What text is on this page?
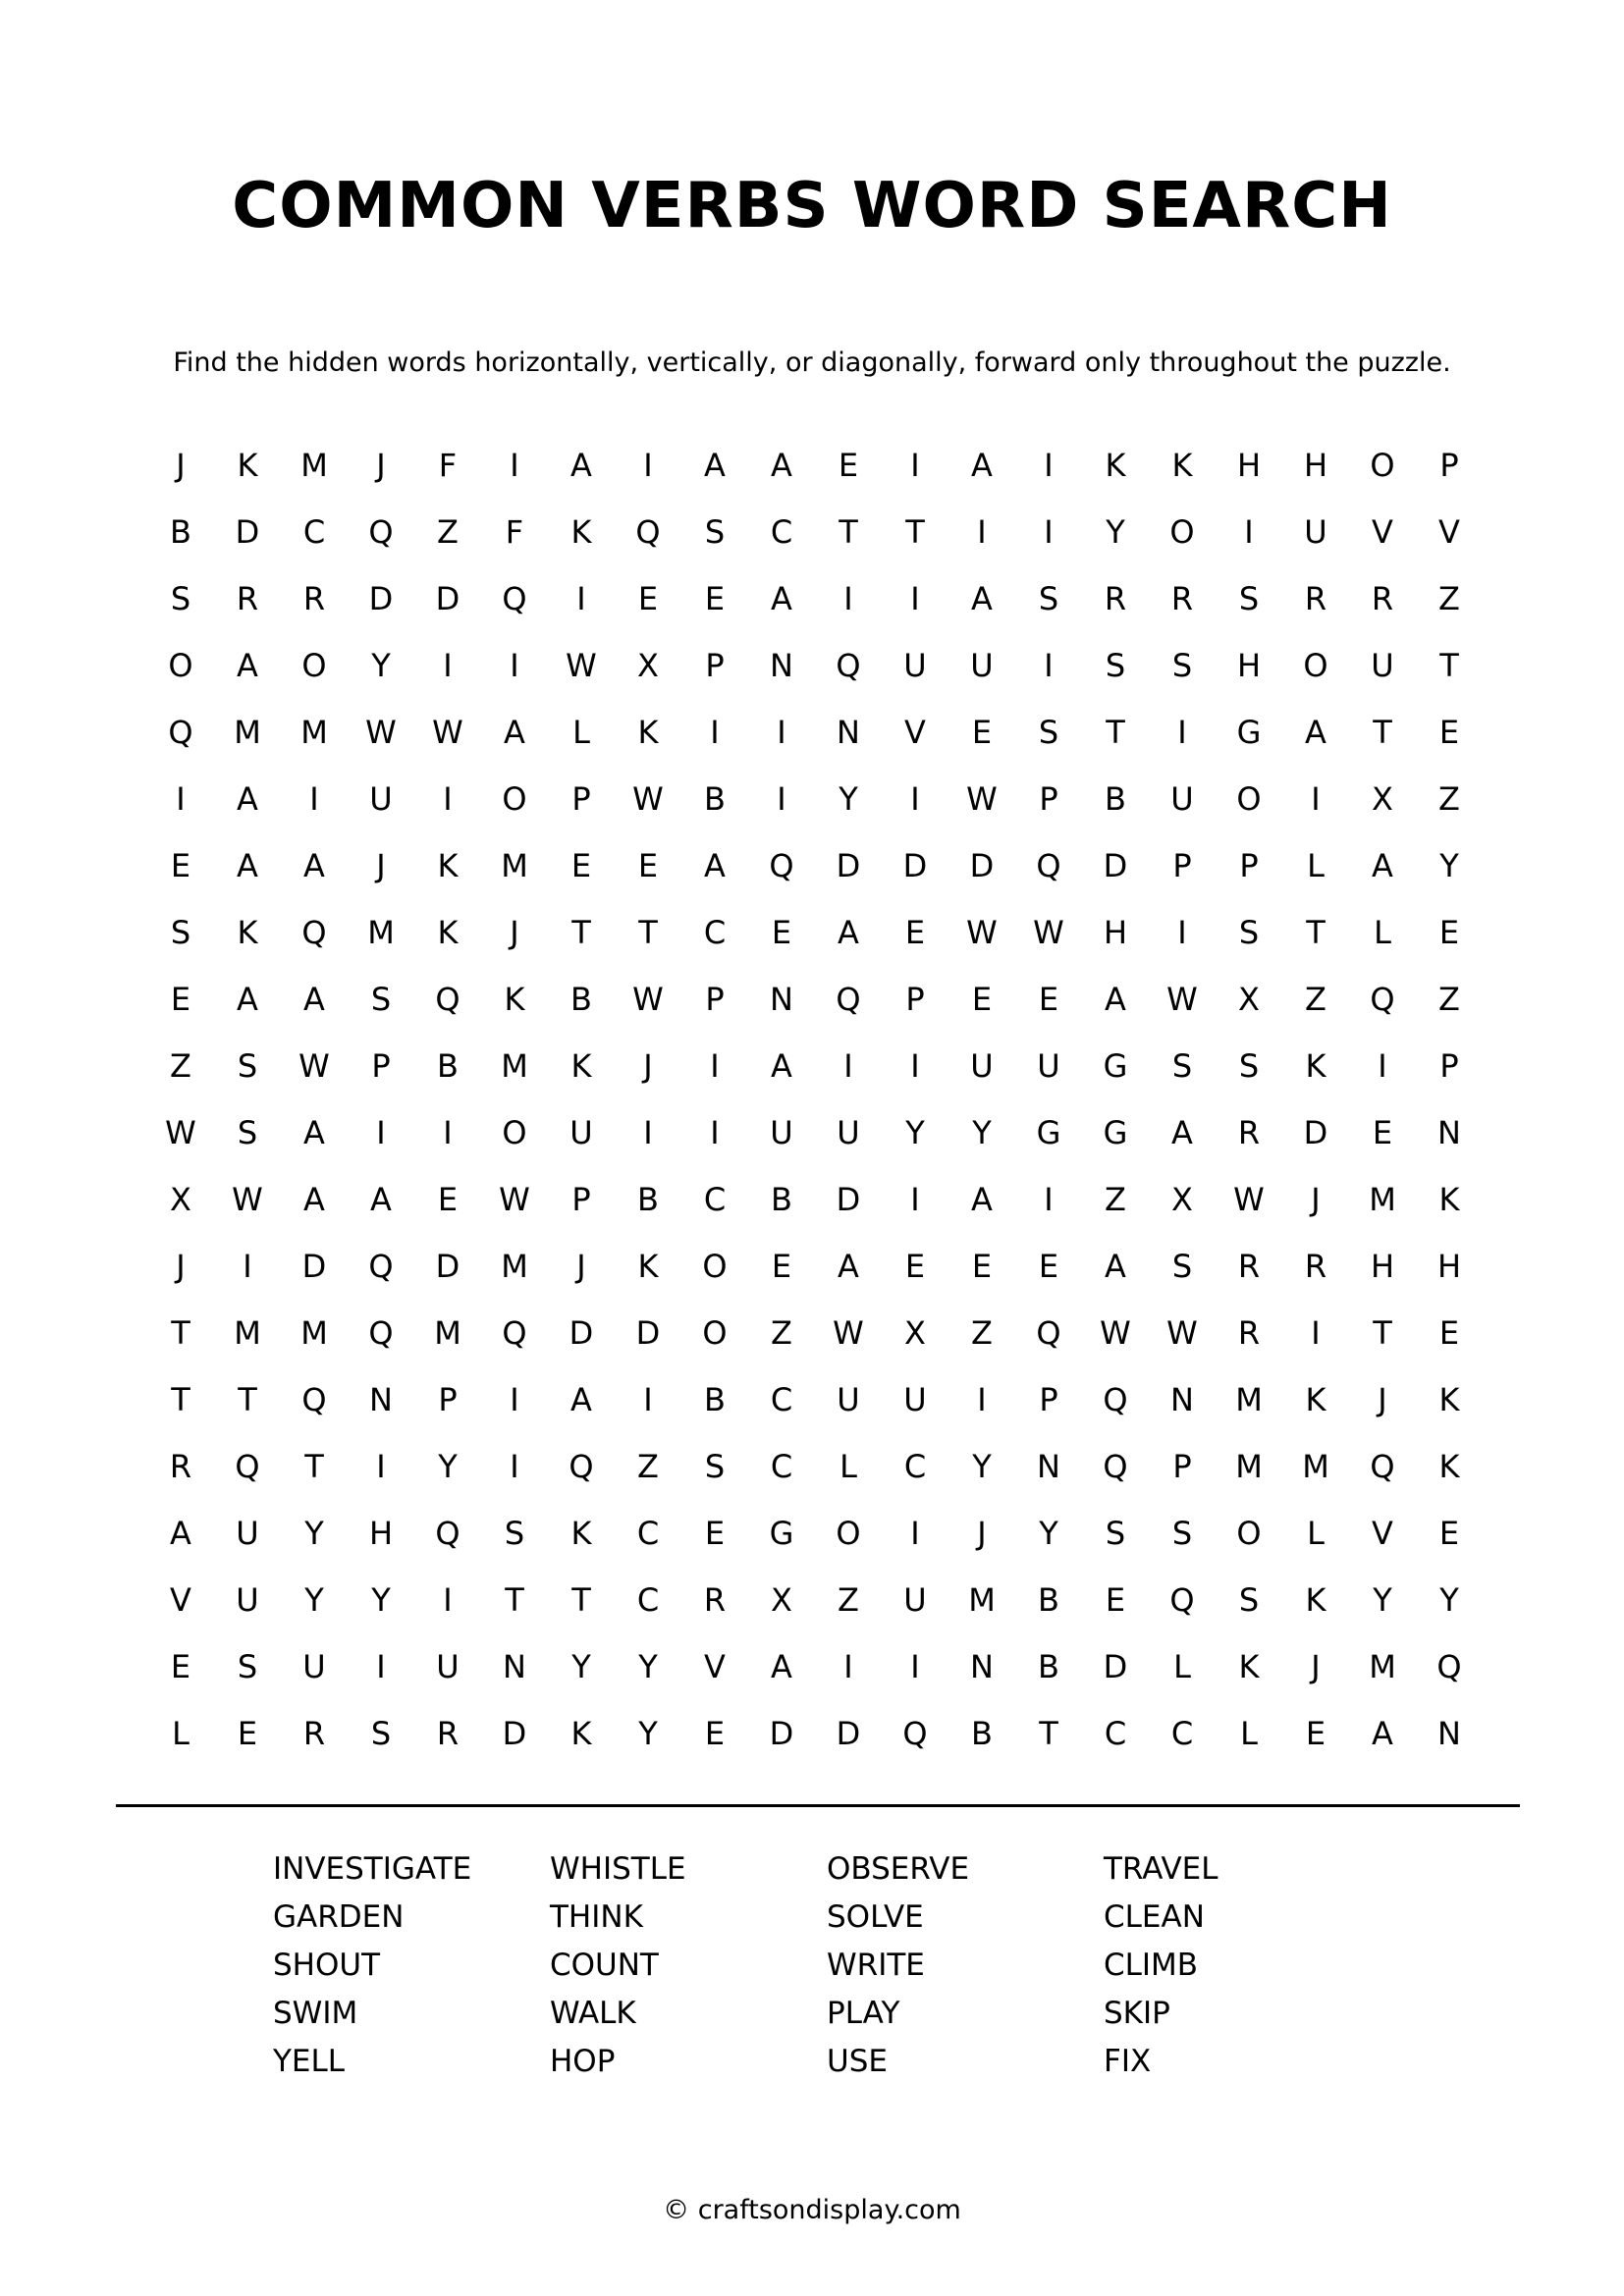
COMMON VERBS WORD SEARCH
Find the hidden words horizontally, vertically, or diagonally, forward only throughout the puzzle.
J	K	M	J	F	I	A	I	A	A	E	I	A	I	K	K	H	H	O	P
B	D	C	Q	Z	F	K	Q	S	C	T	T	I	I	Y	O	I	U	V	V
S	R	R	D	D	Q	I	E	E	A	I	I	A	S	R	R	S	R	R	Z
O	A	O	Y	I	I	W	X	P	N	Q	U	U	I	S	S	H	O	U	T
Q	M	M	W	W	A	L	K	I	I	N	V	E	S	T	I	G	A	T	E
I	A	I	U	I	O	P	W	B	I	Y	I	W	P	B	U	O	I	X	Z
E	A	A	J	K	M	E	E	A	Q	D	D	D	Q	D	P	P	L	A	Y
S	K	Q	M	K	J	T	T	C	E	A	E	W	W	H	I	S	T	L	E
E	A	A	S	Q	K	B	W	P	N	Q	P	E	E	A	W	X	Z	Q	Z
Z	S	W	P	B	M	K	J	I	A	I	I	U	U	G	S	S	K	I	P
W	S	A	I	I	O	U	I	I	U	U	Y	Y	G	G	A	R	D	E	N
X	W	A	A	E	W	P	B	C	B	D	I	A	I	Z	X	W	J	M	K
J	I	D	Q	D	M	J	K	O	E	A	E	E	E	A	S	R	R	H	H
T	M	M	Q	M	Q	D	D	O	Z	W	X	Z	Q	W	W	R	I	T	E
T	T	Q	N	P	I	A	I	B	C	U	U	I	P	Q	N	M	K	J	K
R	Q	T	I	Y	I	Q	Z	S	C	L	C	Y	N	Q	P	M	M	Q	K
A	U	Y	H	Q	S	K	C	E	G	O	I	J	Y	S	S	O	L	V	E
V	U	Y	Y	I	T	T	C	R	X	Z	U	M	B	E	Q	S	K	Y	Y
E	S	U	I	U	N	Y	Y	V	A	I	I	N	B	D	L	K	J	M	Q
L	E	R	S	R	D	K	Y	E	D	D	Q	B	T	C	C	L	E	A	N
INVESTIGATE	WHISTLE	OBSERVE	TRAVEL
GARDEN	THINK	SOLVE	CLEAN
SHOUT	COUNT	WRITE	CLIMB
SWIM	WALK	PLAY	SKIP
YELL	HOP	USE	FIX
© craftsondisplay.com
